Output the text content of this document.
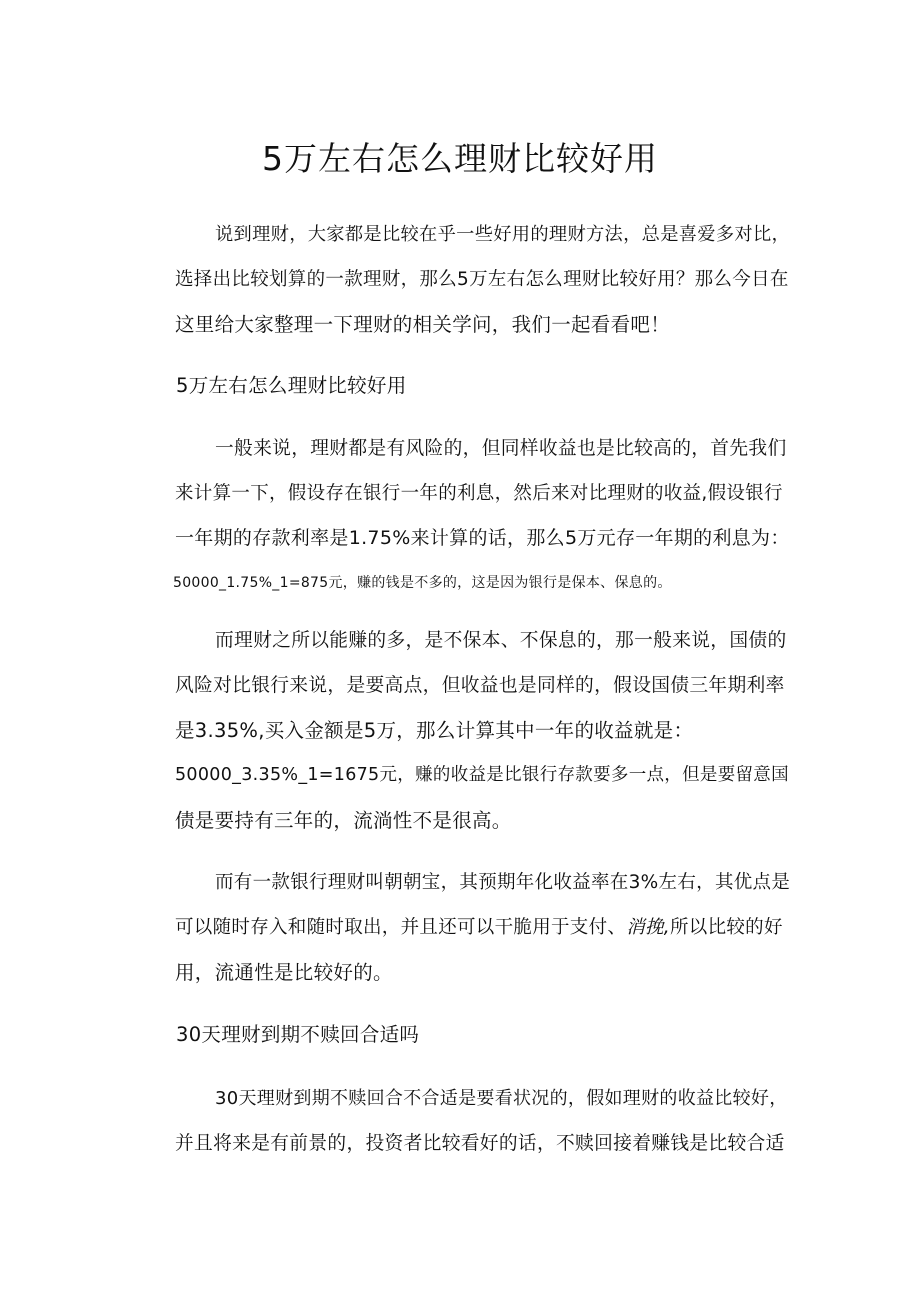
5万左右怎么理财比较好用

说到理财，大家都是比较在乎一些好用的理财方法，总是喜爱多对比，
选择出比较划算的一款理财，那么5万左右怎么理财比较好用？那么今日在
这里给大家整理一下理财的相关学问，我们一起看看吧！

5万左右怎么理财比较好用

一般来说，理财都是有风险的，但同样收益也是比较高的，首先我们
来计算一下，假设存在银行一年的利息，然后来对比理财的收益,假设银行
一年期的存款利率是1.75%来计算的话，那么5万元存一年期的利息为：
50000_1.75%_1=875元，赚的钱是不多的，这是因为银行是保本、保息的。

而理财之所以能赚的多，是不保本、不保息的，那一般来说，国债的
风险对比银行来说，是要高点，但收益也是同样的，假设国债三年期利率
是3.35%,买入金额是5万，那么计算其中一年的收益就是：
50000_3.35%_1=1675元，赚的收益是比银行存款要多一点，但是要留意国
债是要持有三年的，流淌性不是很高。

而有一款银行理财叫朝朝宝，其预期年化收益率在3%左右，其优点是
可以随时存入和随时取出，并且还可以干脆用于支付、消挽,所以比较的好
用，流通性是比较好的。

30天理财到期不赎回合适吗

30天理财到期不赎回合不合适是要看状况的，假如理财的收益比较好，
并且将来是有前景的，投资者比较看好的话，不赎回接着赚钱是比较合适
